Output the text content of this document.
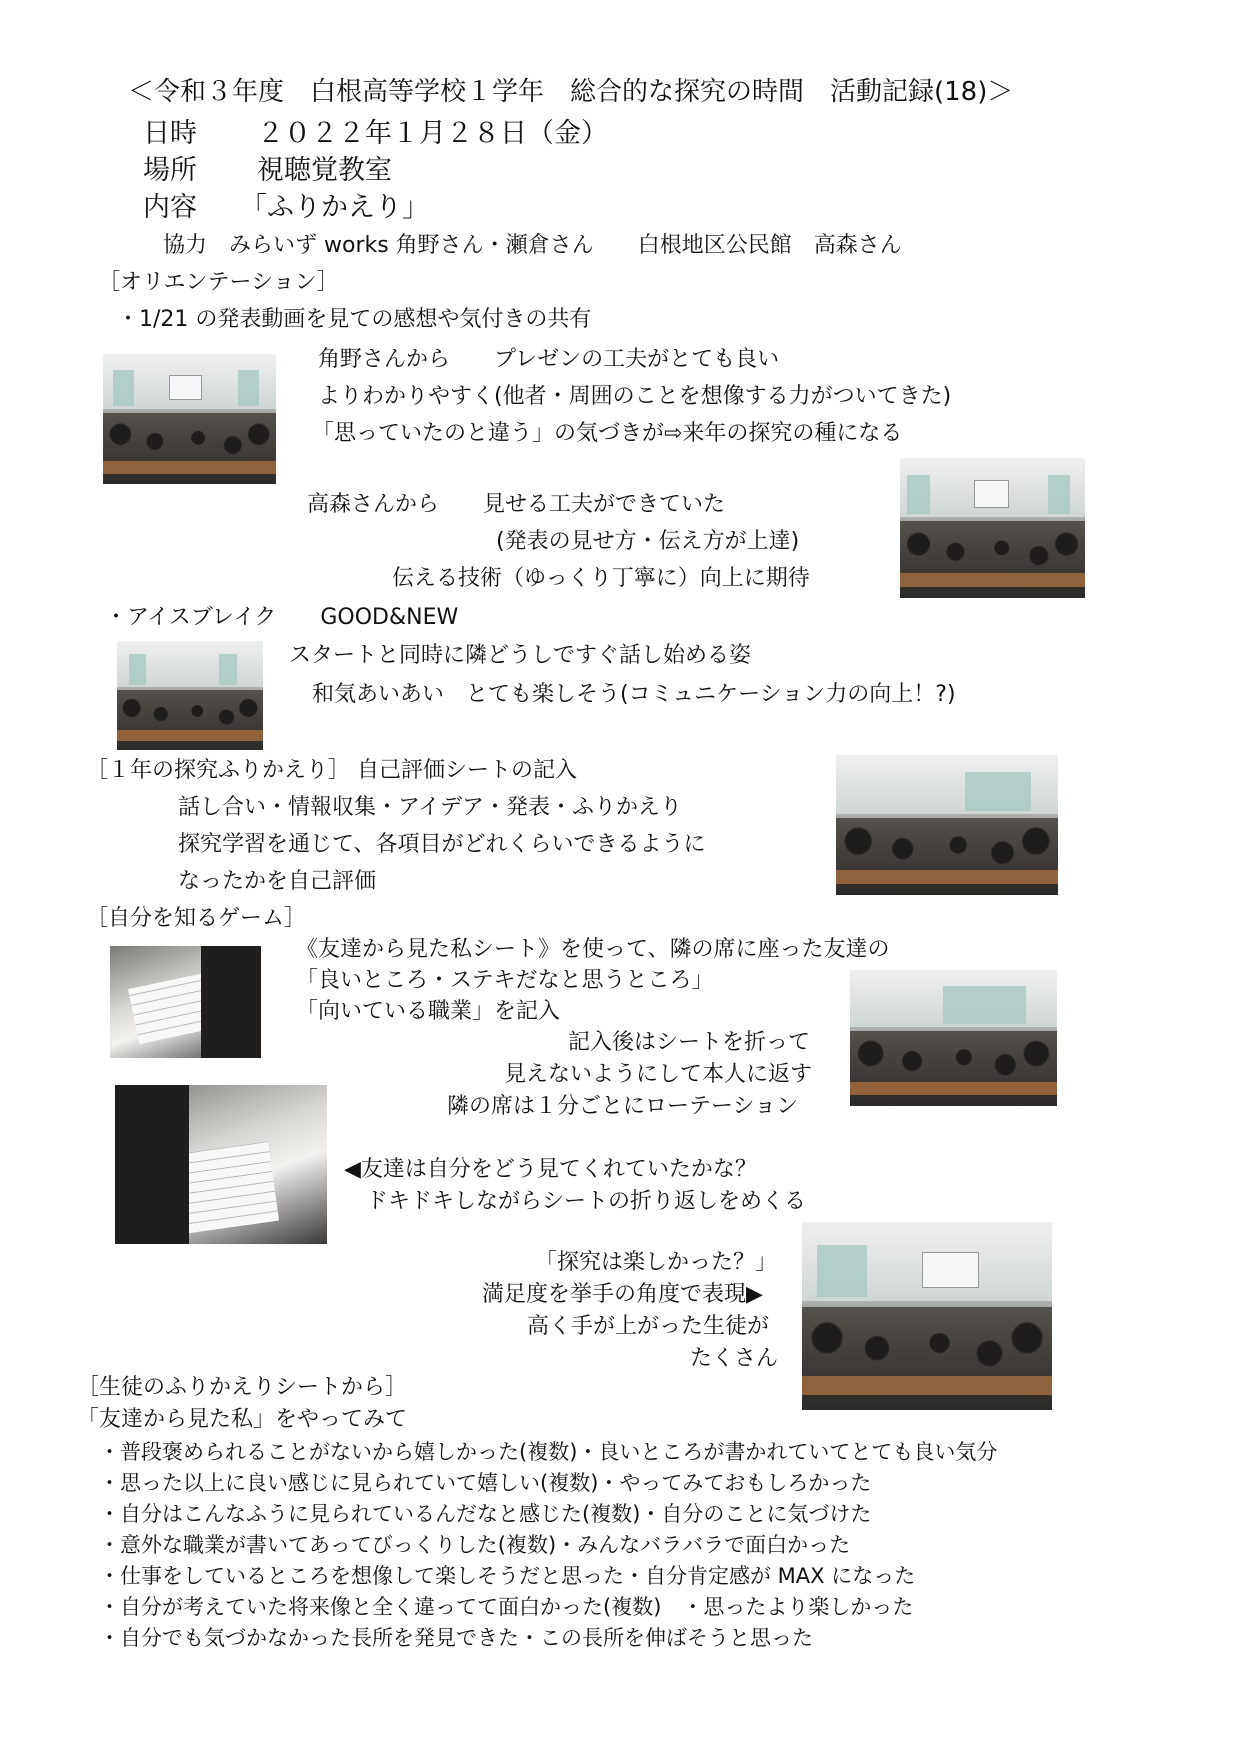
＜令和３年度　白根高等学校１学年　総合的な探究の時間　活動記録(18)＞
日時 ２０２２年１月２８日（金）
場所 視聴覚教室
内容 「ふりかえり」
協力　みらいず works 角野さん・瀬倉さん　　白根地区公民館　高森さん
［オリエンテーション］
・1/21 の発表動画を見ての感想や気付きの共有
角野さんから　　プレゼンの工夫がとても良い
よりわかりやすく(他者・周囲のことを想像する力がついてきた)
「思っていたのと違う」の気づきが⇨来年の探究の種になる
高森さんから　　見せる工夫ができていた
(発表の見せ方・伝え方が上達)
伝える技術（ゆっくり丁寧に）向上に期待
・アイスブレイク　　GOOD&NEW
スタートと同時に隣どうしですぐ話し始める姿
和気あいあい　とても楽しそう(コミュニケーション力の向上！?)
［１年の探究ふりかえり］ 自己評価シートの記入
話し合い・情報収集・アイデア・発表・ふりかえり
探究学習を通じて、各項目がどれくらいできるように
なったかを自己評価
［自分を知るゲーム］
《友達から見た私シート》を使って、隣の席に座った友達の
「良いところ・ステキだなと思うところ」
「向いている職業」を記入
記入後はシートを折って
見えないようにして本人に返す
隣の席は１分ごとにローテーション
◀友達は自分をどう見てくれていたかな？
ドキドキしながらシートの折り返しをめくる
「探究は楽しかった？」
満足度を挙手の角度で表現▶
高く手が上がった生徒が
たくさん
［生徒のふりかえりシートから］
「友達から見た私」をやってみて
・普段褒められることがないから嬉しかった(複数)・良いところが書かれていてとても良い気分
・思った以上に良い感じに見られていて嬉しい(複数)・やってみておもしろかった
・自分はこんなふうに見られているんだなと感じた(複数)・自分のことに気づけた
・意外な職業が書いてあってびっくりした(複数)・みんなバラバラで面白かった
・仕事をしているところを想像して楽しそうだと思った・自分肯定感が MAX になった
・自分が考えていた将来像と全く違ってて面白かった(複数)　・思ったより楽しかった
・自分でも気づかなかった長所を発見できた・この長所を伸ばそうと思った
